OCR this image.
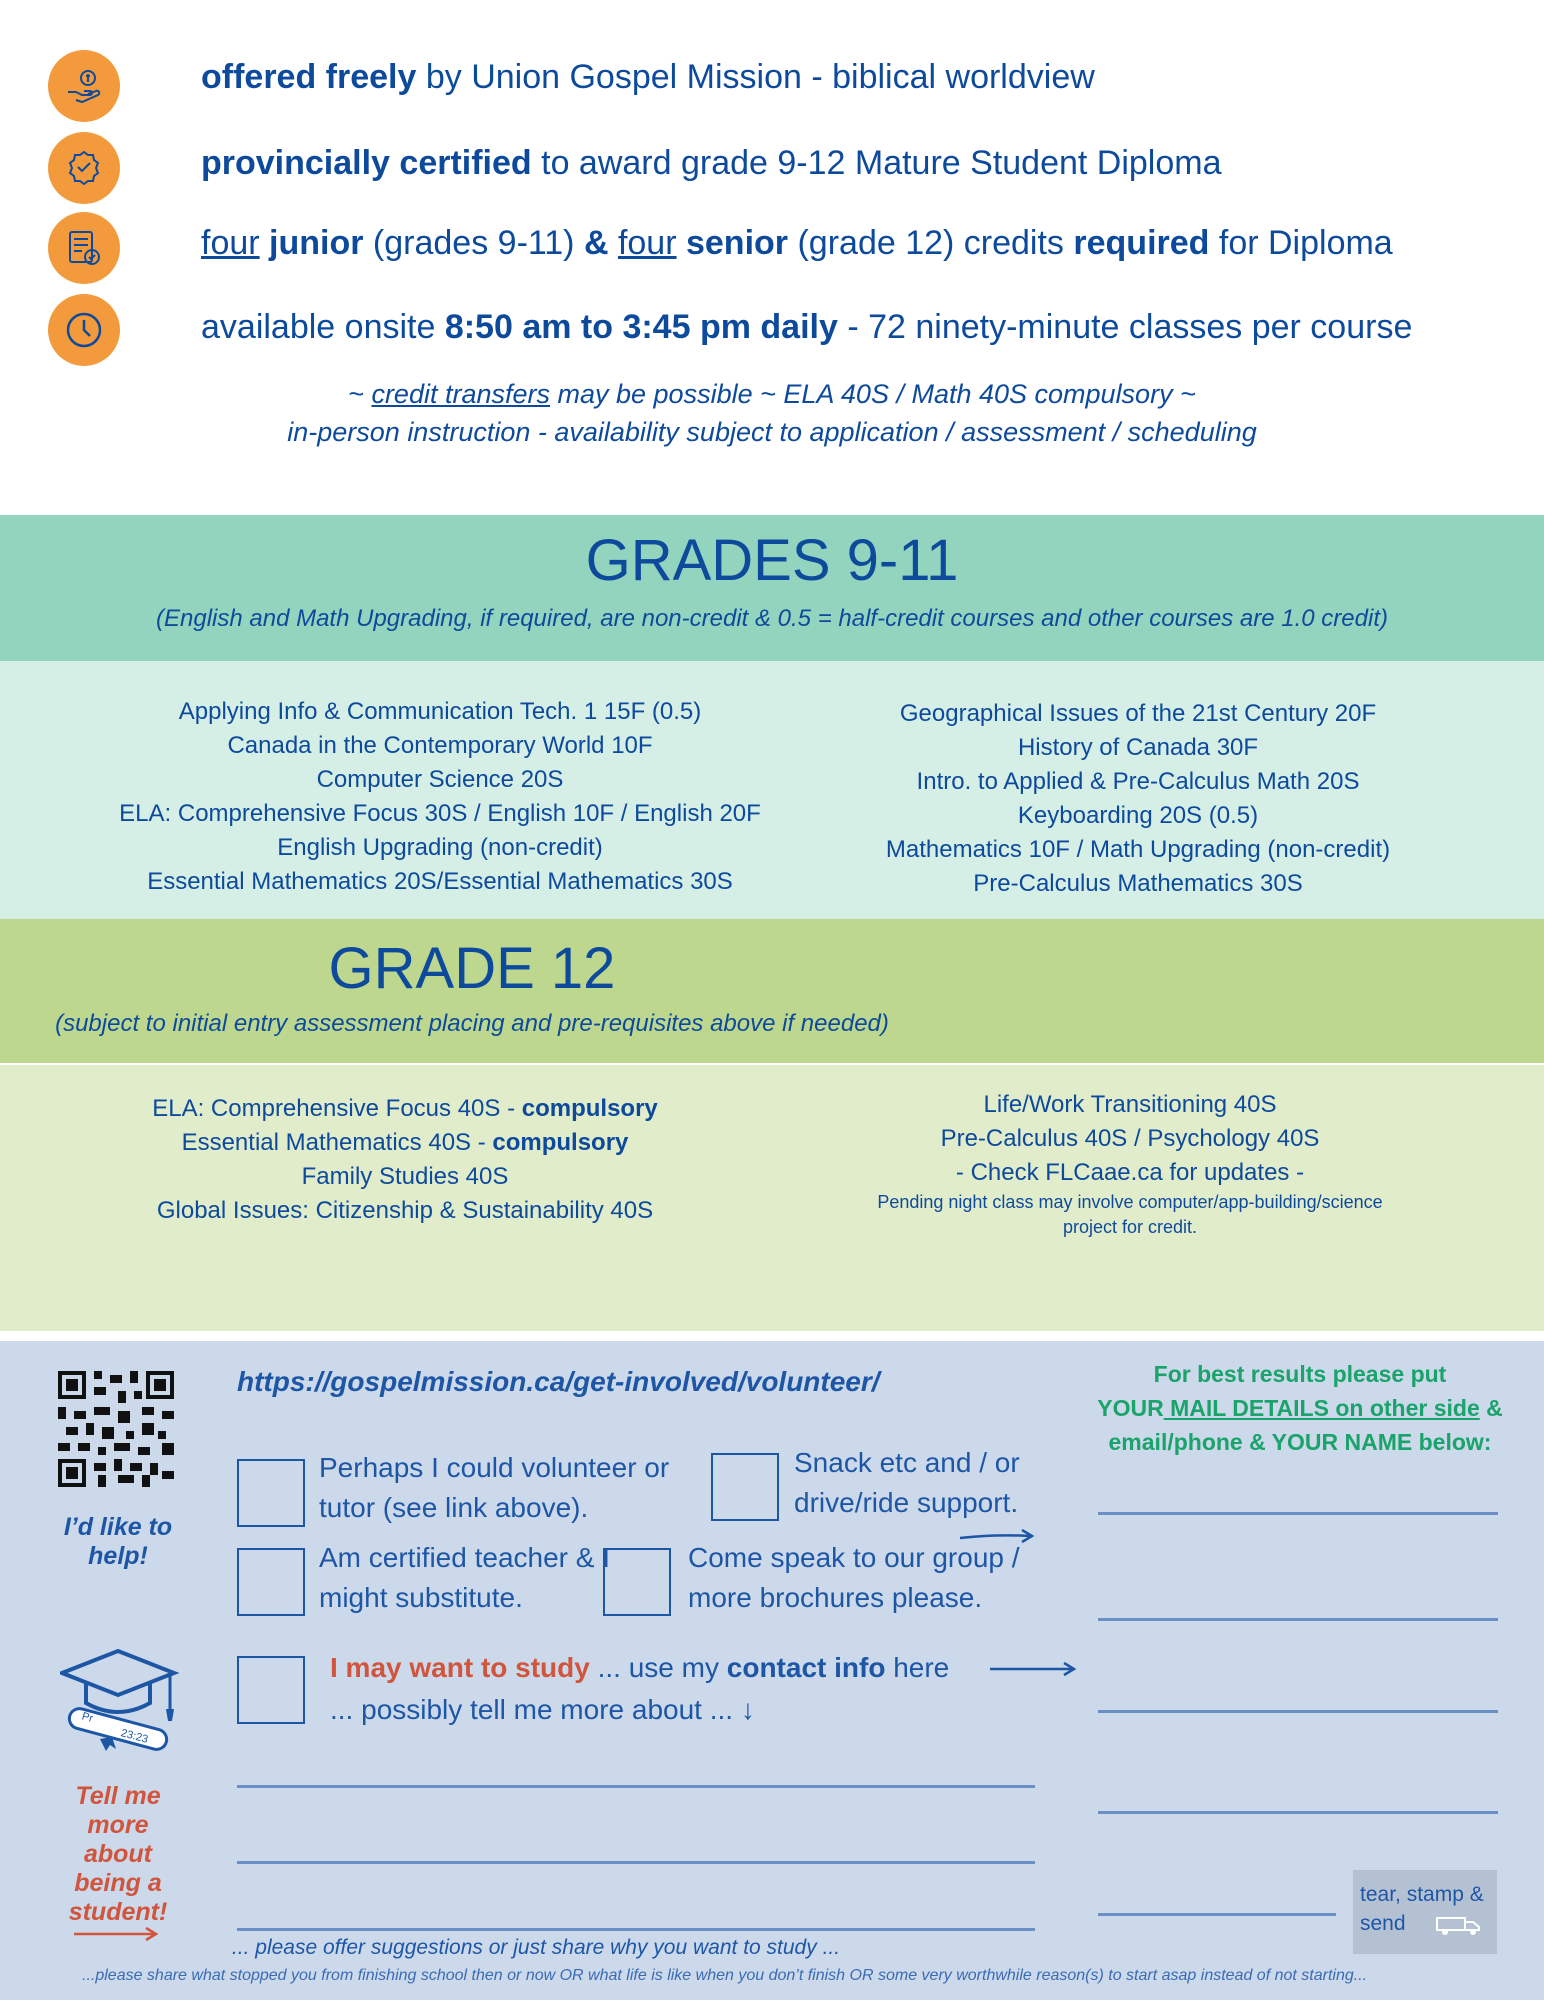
offered freely by Union Gospel Mission - biblical worldview
provincially certified to award grade 9-12 Mature Student Diploma
four junior (grades 9-11) & four senior (grade 12) credits required for Diploma
available onsite 8:50 am to 3:45 pm daily - 72 ninety-minute classes per course
~ credit transfers may be possible ~ ELA 40S / Math 40S compulsory ~
in-person instruction - availability subject to application / assessment / scheduling
GRADES 9-11
(English and Math Upgrading, if required, are non-credit & 0.5 = half-credit courses and other courses are 1.0 credit)
Applying Info & Communication Tech. 1 15F (0.5)
Canada in the Contemporary World 10F
Computer Science 20S
ELA: Comprehensive Focus 30S / English 10F / English 20F
English Upgrading (non-credit)
Essential Mathematics 20S/Essential Mathematics 30S
Geographical Issues of the 21st Century 20F
History of Canada 30F
Intro. to Applied & Pre-Calculus Math 20S
Keyboarding 20S (0.5)
Mathematics 10F / Math Upgrading (non-credit)
Pre-Calculus Mathematics 30S
GRADE 12
(subject to initial entry assessment placing and pre-requisites above if needed)
ELA: Comprehensive Focus 40S - compulsory
Essential Mathematics 40S - compulsory
Family Studies 40S
Global Issues: Citizenship & Sustainability 40S
Life/Work Transitioning 40S
Pre-Calculus 40S / Psychology 40S
- Check FLCaae.ca for updates -
Pending night class may involve computer/app-building/science project for credit.
I’d like to help!
https://gospelmission.ca/get-involved/volunteer/
Perhaps I could volunteer or tutor (see link above).
Snack etc and / or drive/ride support.
Am certified teacher & I might substitute.
Come speak to our group / more brochures please.
Pr
23:23
Tell me more about being a student!
I may want to study ... use my contact info here
... possibly tell me more about ... ↓
... please offer suggestions or just share why you want to study ...
...please share what stopped you from finishing school then or now OR what life is like when you don’t finish OR some very worthwhile reason(s) to start asap instead of not starting...
For best results please put
YOUR MAIL DETAILS on other side &
email/phone & YOUR NAME below:
tear, stamp & send
